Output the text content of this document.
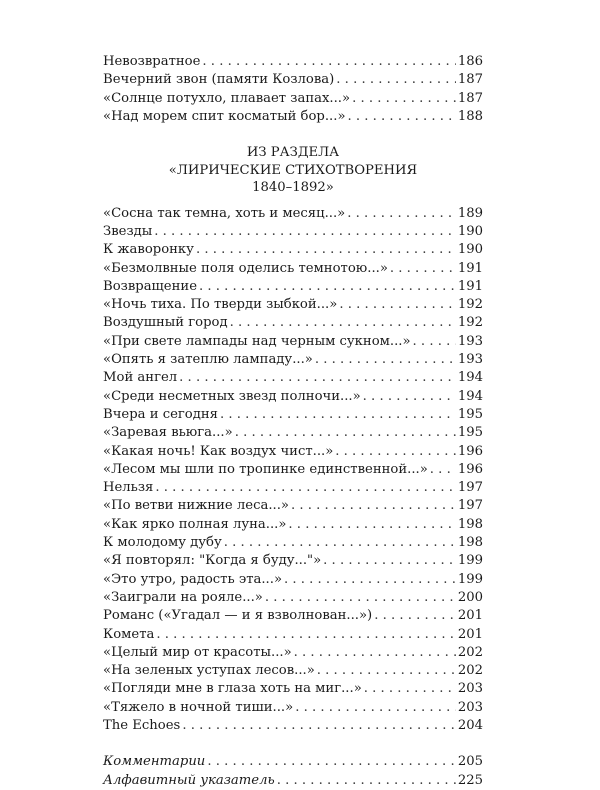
Невозвратное . . .	186
Вечерний звон (памяти Козлова) . . .	187
«Солнце потухло, плавает запах...» . . .	187
«Над морем спит косматый бор...» . . .	188
ИЗ РАЗДЕЛА
«ЛИРИЧЕСКИЕ СТИХОТВОРЕНИЯ
1840–1892»
«Сосна так темна, хоть и месяц...» . . .	189
Звезды . . .	190
К жаворонку . . .	190
«Безмолвные поля оделись темнотою...» . . .	191
Возвращение . . .	191
«Ночь тиха. По тверди зыбкой...» . . .	192
Воздушный город . . .	192
«При свете лампады над черным сукном...» . . .	193
«Опять я затеплю лампаду...» . . .	193
Мой ангел . . .	194
«Среди несметных звезд полночи...» . . .	194
Вчера и сегодня . . .	195
«Заревая вьюга...» . . .	195
«Какая ночь! Как воздух чист...» . . .	196
«Лесом мы шли по тропинке единственной...» . . . 196
Нельзя . . .	197
«По ветви нижние леса...» . . .	197
«Как ярко полная луна...» . . .	198
К молодому дубу . . .	198
«Я повторял: "Когда я буду..."» . . .	199
«Это утро, радость эта...» . . .	199
«Заиграли на рояле...» . . .	200
Романс («Угадал — и я взволнован...») . . .	201
Комета . . .	201
«Целый мир от красоты...» . . .	202
«На зеленых уступах лесов...» . . .	202
«Погляди мне в глаза хоть на миг...» . . .	203
«Тяжело в ночной тиши...» . . .	203
The Echoes . . .	204
Комментарии . . .	205
Алфавитный указатель . . .	225
